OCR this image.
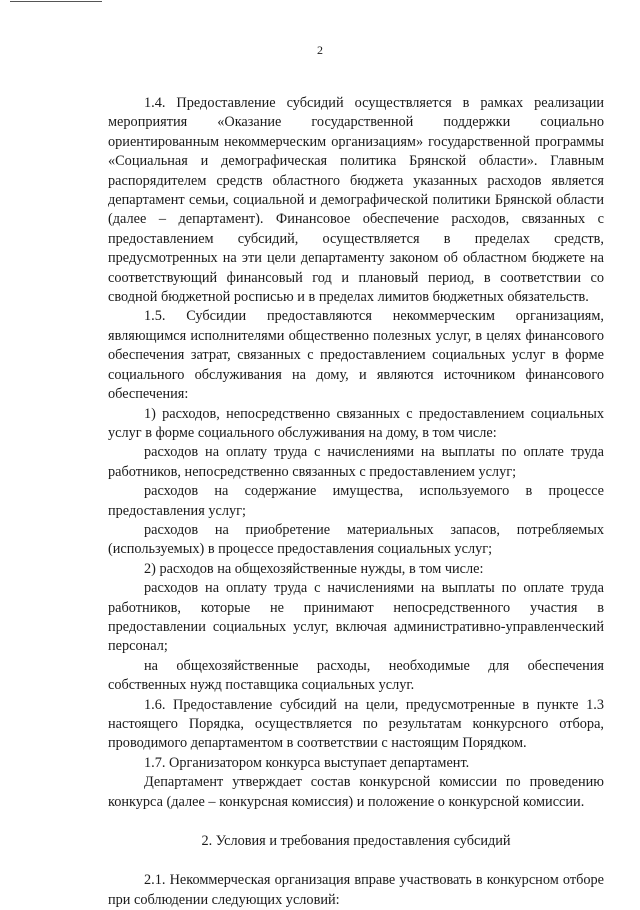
2

1.4. Предоставление субсидий осуществляется в рамках реализации мероприятия «Оказание государственной поддержки социально ориентированным некоммерческим организациям» государственной программы «Социальная и демографическая политика Брянской области». Главным распорядителем средств областного бюджета указанных расходов является департамент семьи, социальной и демографической политики Брянской области (далее – департамент). Финансовое обеспечение расходов, связанных с предоставлением субсидий, осуществляется в пределах средств, предусмотренных на эти цели департаменту законом об областном бюджете на соответствующий финансовый год и плановый период, в соответствии со сводной бюджетной росписью и в пределах лимитов бюджетных обязательств.

1.5. Субсидии предоставляются некоммерческим организациям, являющимся исполнителями общественно полезных услуг, в целях финансового обеспечения затрат, связанных с предоставлением социальных услуг в форме социального обслуживания на дому, и являются источником финансового обеспечения:

1) расходов, непосредственно связанных с предоставлением социальных услуг в форме социального обслуживания на дому, в том числе:

расходов на оплату труда с начислениями на выплаты по оплате труда работников, непосредственно связанных с предоставлением услуг;

расходов на содержание имущества, используемого в процессе предоставления услуг;

расходов на приобретение материальных запасов, потребляемых (используемых) в процессе предоставления социальных услуг;

2) расходов на общехозяйственные нужды, в том числе:

расходов на оплату труда с начислениями на выплаты по оплате труда работников, которые не принимают непосредственного участия в предоставлении социальных услуг, включая административно-управленческий персонал;

на общехозяйственные расходы, необходимые для обеспечения собственных нужд поставщика социальных услуг.

1.6. Предоставление субсидий на цели, предусмотренные в пункте 1.3 настоящего Порядка, осуществляется по результатам конкурсного отбора, проводимого департаментом в соответствии с настоящим Порядком.

1.7. Организатором конкурса выступает департамент.

Департамент утверждает состав конкурсной комиссии по проведению конкурса (далее – конкурсная комиссия) и положение о конкурсной комиссии.

2. Условия и требования предоставления субсидий

2.1. Некоммерческая организация вправе участвовать в конкурсном отборе при соблюдении следующих условий:
